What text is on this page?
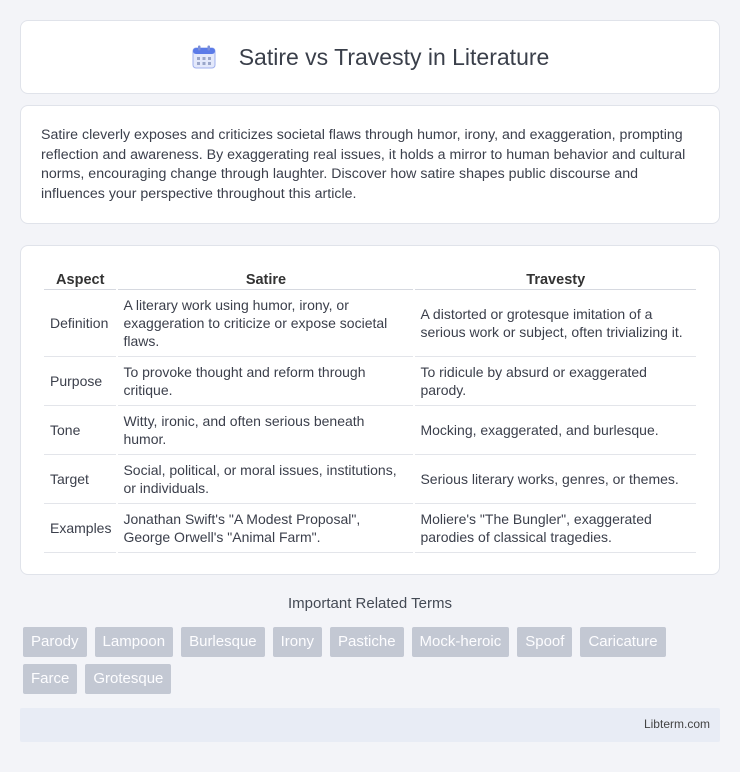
Satire vs Travesty in Literature

Satire cleverly exposes and criticizes societal flaws through humor, irony, and exaggeration, prompting reflection and awareness. By exaggerating real issues, it holds a mirror to human behavior and cultural norms, encouraging change through laughter. Discover how satire shapes public discourse and influences your perspective throughout this article.

Aspect	Satire	Travesty
Definition	A literary work using humor, irony, or exaggeration to criticize or expose societal flaws.	A distorted or grotesque imitation of a serious work or subject, often trivializing it.
Purpose	To provoke thought and reform through critique.	To ridicule by absurd or exaggerated parody.
Tone	Witty, ironic, and often serious beneath humor.	Mocking, exaggerated, and burlesque.
Target	Social, political, or moral issues, institutions, or individuals.	Serious literary works, genres, or themes.
Examples	Jonathan Swift's "A Modest Proposal", George Orwell's "Animal Farm".	Moliere's "The Bungler", exaggerated parodies of classical tragedies.
Important Related Terms
Parody	Lampoon	Burlesque	Irony	Pastiche	Mock-heroic	Spoof	Caricature
Farce	Grotesque
Libterm.com
